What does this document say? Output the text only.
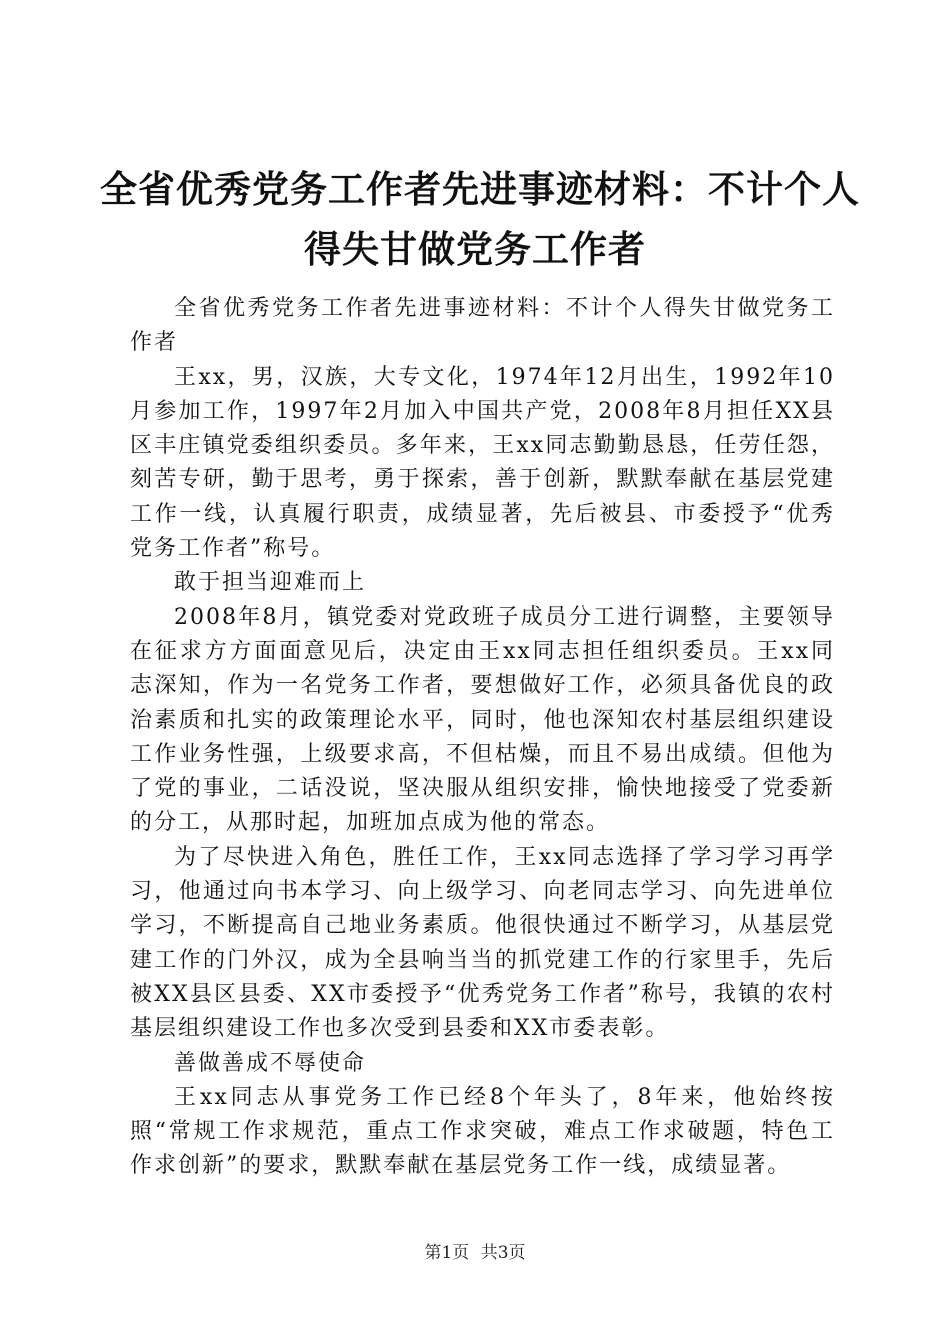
全省优秀党务工作者先进事迹材料：不计个人
得失甘做党务工作者

全省优秀党务工作者先进事迹材料：不计个人得失甘做党务工作者

王xx，男，汉族，大专文化，1974年12月出生，1992年10月参加工作，1997年2月加入中国共产党，2008年8月担任XX县区丰庄镇党委组织委员。多年来，王xx同志勤勤恳恳，任劳任怨，刻苦专研，勤于思考，勇于探索，善于创新，默默奉献在基层党建工作一线，认真履行职责，成绩显著，先后被县、市委授予“优秀党务工作者”称号。

敢于担当迎难而上

2008年8月，镇党委对党政班子成员分工进行调整，主要领导在征求方方面面意见后，决定由王xx同志担任组织委员。王xx同志深知，作为一名党务工作者，要想做好工作，必须具备优良的政治素质和扎实的政策理论水平，同时，他也深知农村基层组织建设工作业务性强，上级要求高，不但枯燥，而且不易出成绩。但他为了党的事业，二话没说，坚决服从组织安排，愉快地接受了党委新的分工，从那时起，加班加点成为他的常态。

为了尽快进入角色，胜任工作，王xx同志选择了学习学习再学习，他通过向书本学习、向上级学习、向老同志学习、向先进单位学习，不断提高自己地业务素质。他很快通过不断学习，从基层党建工作的门外汉，成为全县响当当的抓党建工作的行家里手，先后被XX县区县委、XX市委授予“优秀党务工作者”称号，我镇的农村基层组织建设工作也多次受到县委和XX市委表彰。

善做善成不辱使命

王xx同志从事党务工作已经8个年头了，8年来，他始终按照“常规工作求规范，重点工作求突破，难点工作求破题，特色工作求创新”的要求，默默奉献在基层党务工作一线，成绩显著。

第1页 共3页
